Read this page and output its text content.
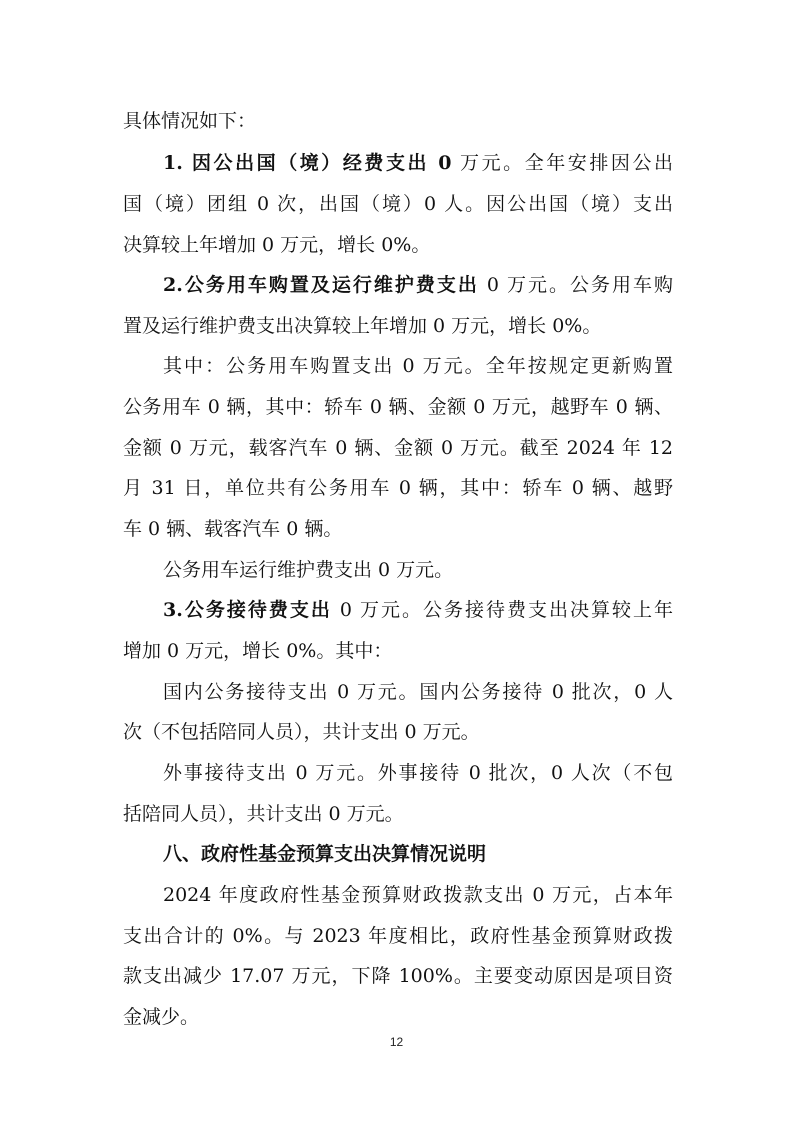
具体情况如下：
1. 因公出国（境）经费支出 0 万元。全年安排因公出
国（境）团组 0 次，出国（境）0 人。因公出国（境）支出
决算较上年增加 0 万元，增长 0%。
2.公务用车购置及运行维护费支出 0 万元。公务用车购
置及运行维护费支出决算较上年增加 0 万元，增长 0%。
其中：公务用车购置支出 0 万元。全年按规定更新购置
公务用车 0 辆，其中：轿车 0 辆、金额 0 万元，越野车 0 辆、
金额 0 万元，载客汽车 0 辆、金额 0 万元。截至 2024 年 12
月 31 日，单位共有公务用车 0 辆，其中：轿车 0 辆、越野
车 0 辆、载客汽车 0 辆。
公务用车运行维护费支出 0 万元。
3.公务接待费支出 0 万元。公务接待费支出决算较上年
增加 0 万元，增长 0%。其中：
国内公务接待支出 0 万元。国内公务接待 0 批次，0 人
次（不包括陪同人员），共计支出 0 万元。
外事接待支出 0 万元。外事接待 0 批次，0 人次（不包
括陪同人员），共计支出 0 万元。
八、政府性基金预算支出决算情况说明
2024 年度政府性基金预算财政拨款支出 0 万元，占本年
支出合计的 0%。与 2023 年度相比，政府性基金预算财政拨
款支出减少 17.07 万元，下降 100%。主要变动原因是项目资
金减少。
12
